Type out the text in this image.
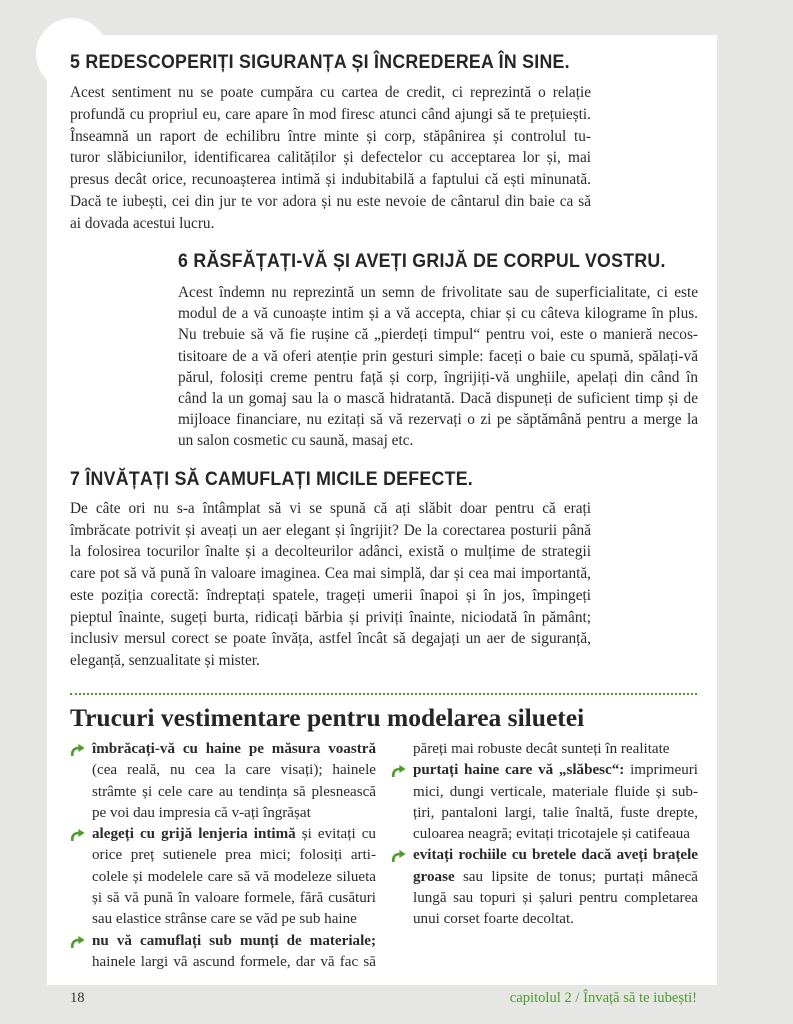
5 REDESCOPERIȚI SIGURANȚA ȘI ÎNCREDEREA ÎN SINE.
Acest sentiment nu se poate cumpăra cu cartea de credit, ci reprezintă o relație
profundă cu propriul eu, care apare în mod firesc atunci când ajungi să te prețuiești.
Înseamnă un raport de echilibru între minte și corp, stăpânirea și controlul tu-
turor slăbiciunilor, identificarea calităților și defectelor cu acceptarea lor și, mai
presus decât orice, recunoașterea intimă și indubitabilă a faptului că ești minunată.
Dacă te iubești, cei din jur te vor adora și nu este nevoie de cântarul din baie ca să
ai dovada acestui lucru.
6 RĂSFĂȚAȚI-VĂ ȘI AVEȚI GRIJĂ DE CORPUL VOSTRU.
Acest îndemn nu reprezintă un semn de frivolitate sau de superficialitate, ci este
modul de a vă cunoaște intim și a vă accepta, chiar și cu câteva kilograme în plus.
Nu trebuie să vă fie rușine că „pierdeți timpul“ pentru voi, este o manieră necos-
tisitoare de a vă oferi atenție prin gesturi simple: faceți o baie cu spumă, spălați-vă
părul, folosiți creme pentru față și corp, îngrijiți-vă unghiile, apelați din când în
când la un gomaj sau la o mască hidratantă. Dacă dispuneți de suficient timp și de
mijloace financiare, nu ezitați să vă rezervați o zi pe săptămână pentru a merge la
un salon cosmetic cu saună, masaj etc.
7 ÎNVĂȚAȚI SĂ CAMUFLAȚI MICILE DEFECTE.
De câte ori nu s-a întâmplat să vi se spună că ați slăbit doar pentru că erați
îmbrăcate potrivit și aveați un aer elegant și îngrijit? De la corectarea posturii până
la folosirea tocurilor înalte și a decolteurilor adânci, există o mulțime de strategii
care pot să vă pună în valoare imaginea. Cea mai simplă, dar și cea mai importantă,
este poziția corectă: îndreptați spatele, trageți umerii înapoi și în jos, împingeți
pieptul înainte, sugeți burta, ridicați bărbia și priviți înainte, niciodată în pământ;
inclusiv mersul corect se poate învăța, astfel încât să degajați un aer de siguranță,
eleganță, senzualitate și mister.
Trucuri vestimentare pentru modelarea siluetei
îmbrăcați-vă cu haine pe măsura voastră
(cea reală, nu cea la care visați); hainele
strâmte și cele care au tendința să plesnească
pe voi dau impresia că v-ați îngrășat
alegeți cu grijă lenjeria intimă și evitați cu
orice preț sutienele prea mici; folosiți arti-
colele și modelele care să vă modeleze silueta
și să vă pună în valoare formele, fără cusături
sau elastice strânse care se văd pe sub haine
nu vă camuflați sub munți de materiale;
hainele largi vă ascund formele, dar vă fac să
păreți mai robuste decât sunteți în realitate
purtați haine care vă „slăbesc“: imprimeuri
mici, dungi verticale, materiale fluide și sub-
țiri, pantaloni largi, talie înaltă, fuste drepte,
culoarea neagră; evitați tricotajele și catifeaua
evitați rochiile cu bretele dacă aveți brațele
groase sau lipsite de tonus; purtați mânecă
lungă sau topuri și șaluri pentru completarea
unui corset foarte decoltat.
18	capitolul 2 / Învață să te iubești!
